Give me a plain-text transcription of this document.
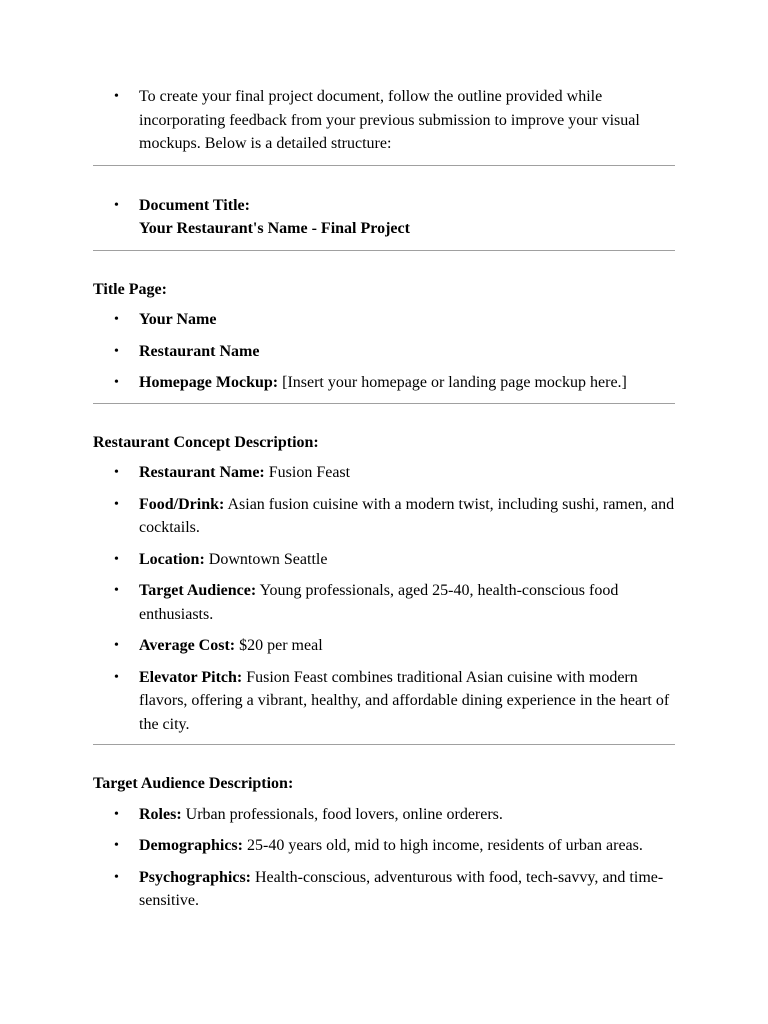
• To create your final project document, follow the outline provided while incorporating feedback from your previous submission to improve your visual mockups. Below is a detailed structure:
• Document Title:
Your Restaurant's Name - Final Project
Title Page:
• Your Name
• Restaurant Name
• Homepage Mockup: [Insert your homepage or landing page mockup here.]
Restaurant Concept Description:
• Restaurant Name: Fusion Feast
• Food/Drink: Asian fusion cuisine with a modern twist, including sushi, ramen, and cocktails.
• Location: Downtown Seattle
• Target Audience: Young professionals, aged 25-40, health-conscious food enthusiasts.
• Average Cost: $20 per meal
• Elevator Pitch: Fusion Feast combines traditional Asian cuisine with modern flavors, offering a vibrant, healthy, and affordable dining experience in the heart of the city.
Target Audience Description:
• Roles: Urban professionals, food lovers, online orderers.
• Demographics: 25-40 years old, mid to high income, residents of urban areas.
• Psychographics: Health-conscious, adventurous with food, tech-savvy, and time-sensitive.
